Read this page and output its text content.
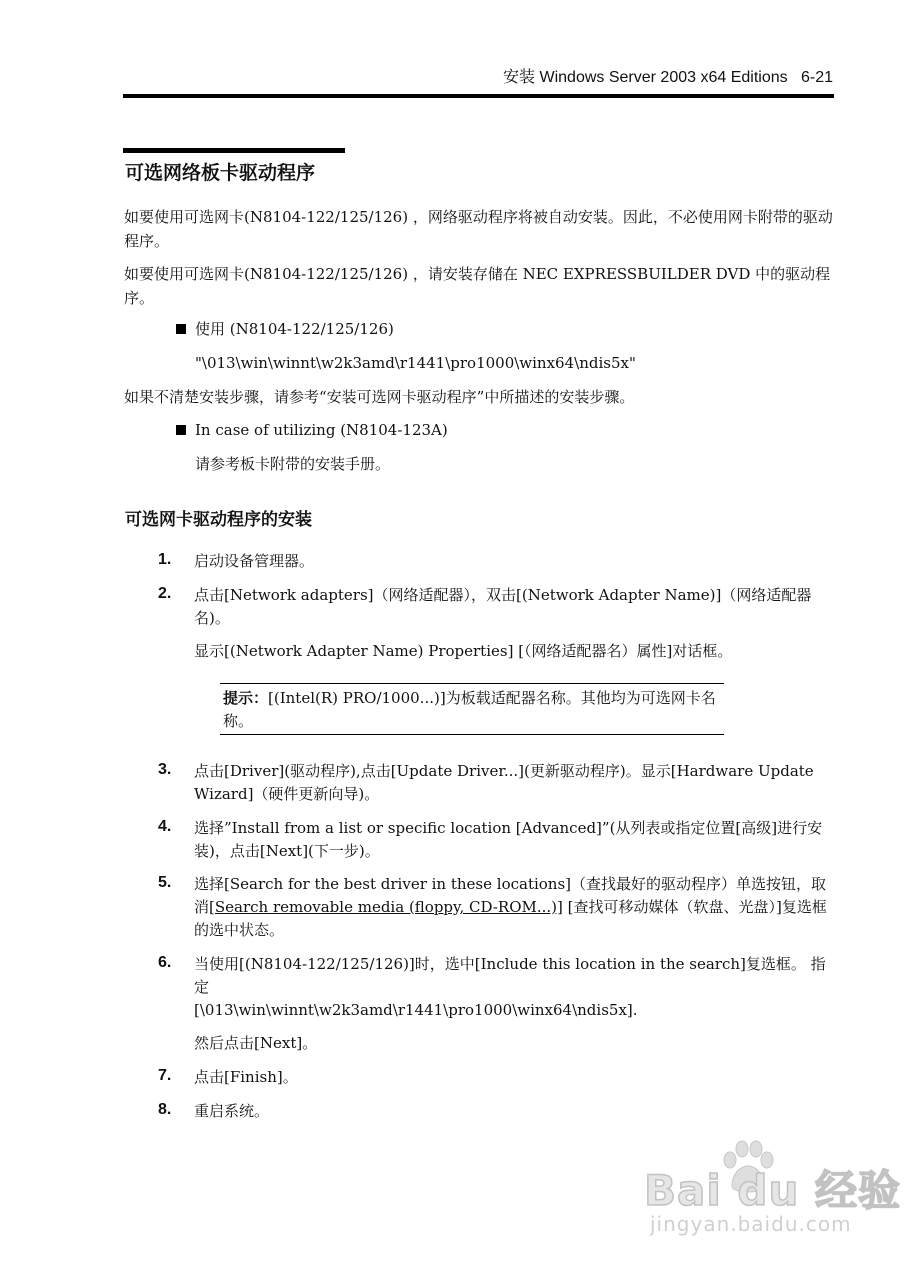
安装 Windows Server 2003 x64 Editions 6-21
可选网络板卡驱动程序
如要使用可选网卡(N8104-122/125/126) ，网络驱动程序将被自动安装。因此，不必使用网卡附带的驱动程序。
如要使用可选网卡(N8104-122/125/126) ，请安装存储在 NEC EXPRESSBUILDER DVD 中的驱动程序。
使用 (N8104-122/125/126)
"\013\win\winnt\w2k3amd\r1441\pro1000\winx64\ndis5x"
如果不清楚安装步骤，请参考“安装可选网卡驱动程序”中所描述的安装步骤。
In case of utilizing (N8104-123A)
请参考板卡附带的安装手册。
可选网卡驱动程序的安装
1. 启动设备管理器。
2. 点击[Network adapters]（网络适配器），双击[(Network Adapter Name)]（网络适配器名)。
显示[(Network Adapter Name) Properties] [（网络适配器名）属性]对话框。
提示：[(Intel(R) PRO/1000...)]为板载适配器名称。其他均为可选网卡名称。
3. 点击[Driver](驱动程序),点击[Update Driver...](更新驱动程序)。显示[Hardware Update Wizard]（硬件更新向导)。
4. 选择”Install from a list or specific location [Advanced]”(从列表或指定位置[高级]进行安装)，点击[Next](下一步)。
5. 选择[Search for the best driver in these locations]（查找最好的驱动程序）单选按钮，取消[Search removable media (floppy, CD-ROM...)] [查找可移动媒体（软盘、光盘）]复选框的选中状态。
6. 当使用[(N8104-122/125/126)]时，选中[Include this location in the search]复选框。 指定
[\013\win\winnt\w2k3amd\r1441\pro1000\winx64\ndis5x].
然后点击[Next]。
7. 点击[Finish]。
8. 重启系统。
Bai du 经验
jingyan.baidu.com
